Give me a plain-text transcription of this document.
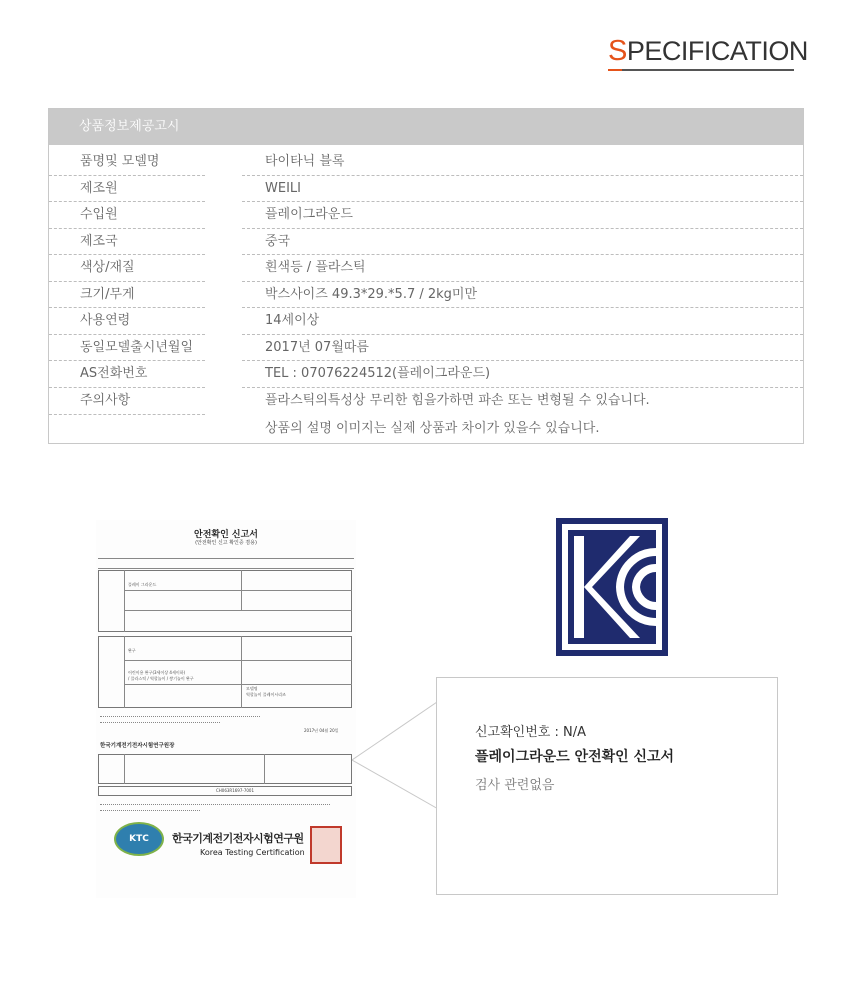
SPECIFICATION
상품정보제공고시
품명및 모델명	타이타닉 블록
제조원	WEILI
수입원	플레이그라운드
제조국	중국
색상/재질	흰색등 / 플라스틱
크기/무게	박스사이즈 49.3*29.*5.7 / 2kg미만
사용연령	14세이상
동일모델출시년월일	2017년 07월따름
AS전화번호	TEL : 07076224512(플레이그라운드)
주의사항	플라스틱의특성상 무리한 힘을가하면 파손 또는 변형될 수 있습니다.
상품의 설명 이미지는 실제 상품과 차이가 있을수 있습니다.
안전확인 신고서
(안전확인 신고 확인증 겸용)
플레이 그라운드
완구
어린이용 완구(3세이상 4세이하)
/ 플라스틱 / 역할놀이 / 쌓기놀이 완구
모델명
역할놀이 플레이시리즈
2017년 04월 20일
한국기계전기전자시험연구원장
CH063R1697-7001
KTC	한국기계전기전자시험연구원
Korea Testing Certification
신고확인번호 : N/A
플레이그라운드 안전확인 신고서
검사 관련없음
